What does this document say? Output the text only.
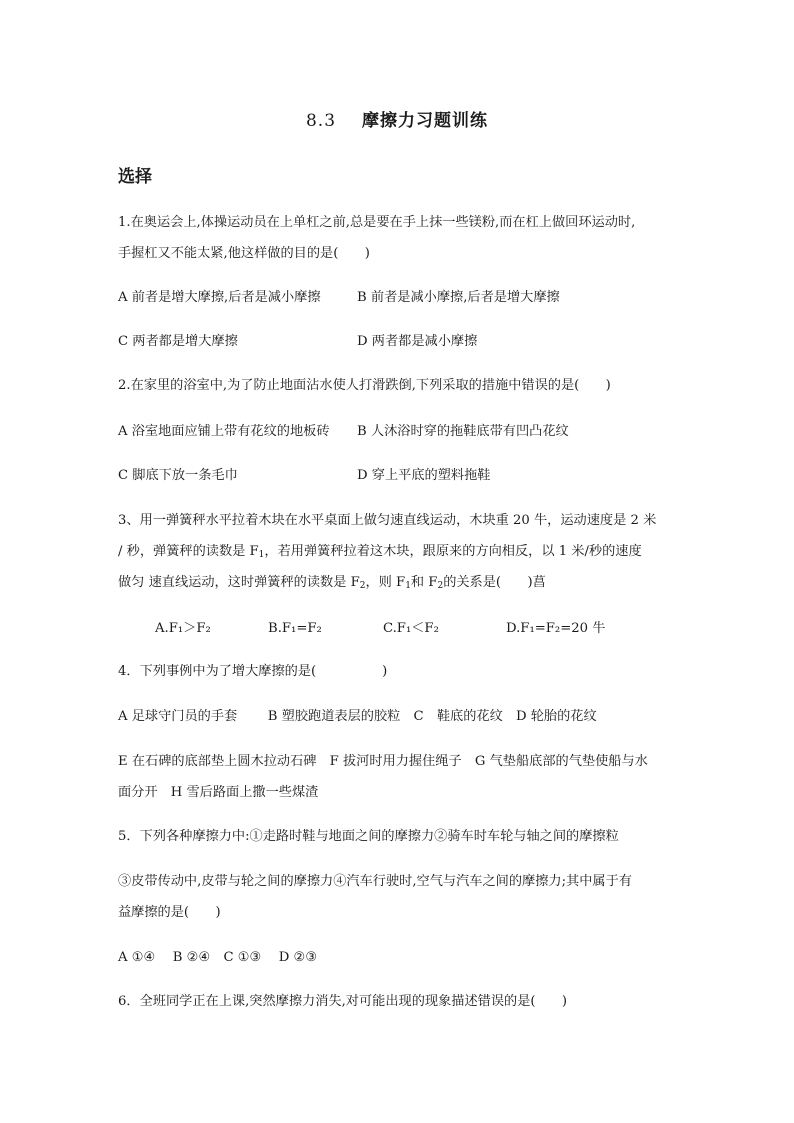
8.3 摩擦力习题训练
选择
1.在奥运会上,体操运动员在上单杠之前,总是要在手上抹一些镁粉,而在杠上做回环运动时,
手握杠又不能太紧,他这样做的目的是(　　)
A 前者是增大摩擦,后者是减小摩擦	B 前者是减小摩擦,后者是增大摩擦
C 两者都是增大摩擦	D 两者都是减小摩擦
2.在家里的浴室中,为了防止地面沾水使人打滑跌倒,下列采取的措施中错误的是(　　)
A 浴室地面应铺上带有花纹的地板砖 B 人沐浴时穿的拖鞋底带有凹凸花纹
C 脚底下放一条毛巾	D 穿上平底的塑料拖鞋
3、用一弹簧秤水平拉着木块在水平桌面上做匀速直线运动，木块重 20 牛，运动速度是 2 米
/ 秒，弹簧秤的读数是 $F_1$，若用弹簧秤拉着这木块，跟原来的方向相反，以 1 米/秒的速度
做匀 速直线运动，这时弹簧秤的读数是 $F_2$，则 $F_1$和 $F_2$的关系是(　　)菖
A.F₁＞F₂	B.F₁=F₂	C.F₁＜F₂	D.F₁=F₂=20 牛
4．下列事例中为了增大摩擦的是(　　　　　)
A 足球守门员的手套　　 B 塑胶跑道表层的胶粒　C　鞋底的花纹　D 轮胎的花纹
E 在石碑的底部垫上圆木拉动石碑　F 拔河时用力握住绳子　G 气垫船底部的气垫使船与水
面分开　H 雪后路面上撒一些煤渣
5．下列各种摩擦力中:①走路时鞋与地面之间的摩擦力②骑车时车轮与轴之间的摩擦粒
③皮带传动中,皮带与轮之间的摩擦力④汽车行驶时,空气与汽车之间的摩擦力;其中属于有
益摩擦的是(　　)
A ①④　 B ②④　C ①③　 D ②③
6．全班同学正在上课,突然摩擦力消失,对可能出现的现象描述错误的是(　　)
